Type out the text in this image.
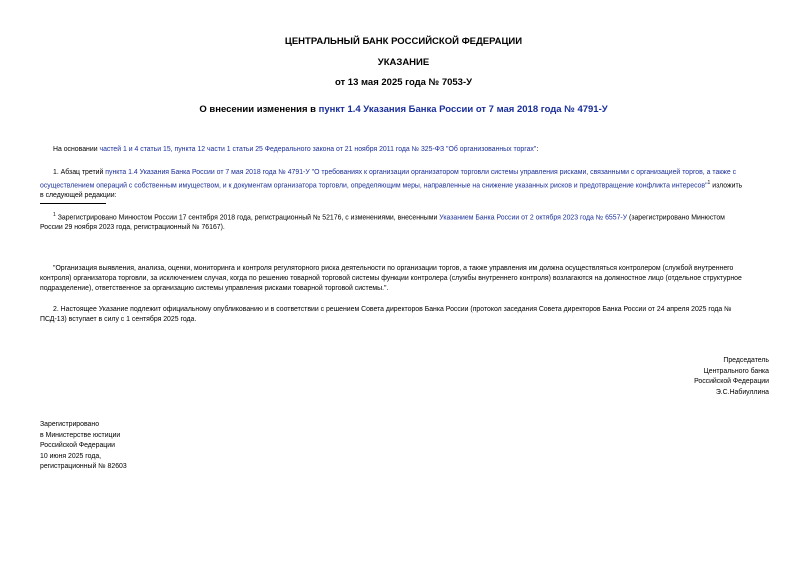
ЦЕНТРАЛЬНЫЙ БАНК РОССИЙСКОЙ ФЕДЕРАЦИИ
УКАЗАНИЕ
от 13 мая 2025 года № 7053-У
О внесении изменения в пункт 1.4 Указания Банка России от 7 мая 2018 года № 4791-У
На основании частей 1 и 4 статьи 15, пункта 12 части 1 статьи 25 Федерального закона от 21 ноября 2011 года № 325-ФЗ "Об организованных торгах":
1. Абзац третий пункта 1.4 Указания Банка России от 7 мая 2018 года № 4791-У "О требованиях к организации организатором торговли системы управления рисками, связанными с организацией торгов, а также с
осуществлением операций с собственным имуществом, и к документам организатора торговли, определяющим меры, направленные на снижение указанных рисков и предотвращение конфликта интересов"$^1$ изложить
в следующей редакции:
$^1$ Зарегистрировано Минюстом России 17 сентября 2018 года, регистрационный № 52176, с изменениями, внесенными Указанием Банка России от 2 октября 2023 года № 6557-У (зарегистрировано Минюстом
России 29 ноября 2023 года, регистрационный № 76167).
"Организация выявления, анализа, оценки, мониторинга и контроля регуляторного риска деятельности по организации торгов, а также управления им должна осуществляться контролером (службой внутреннего
контроля) организатора торговли, за исключением случая, когда по решению товарной торговой системы функции контролера (службы внутреннего контроля) возлагаются на должностное лицо (отдельное структурное
подразделение), ответственное за организацию системы управления рисками товарной торговой системы.".
2. Настоящее Указание подлежит официальному опубликованию и в соответствии с решением Совета директоров Банка России (протокол заседания Совета директоров Банка России от 24 апреля 2025 года №
ПСД-13) вступает в силу с 1 сентября 2025 года.
Председатель
Центрального банка
Российской Федерации
Э.С.Набиуллина
Зарегистрировано
в Министерстве юстиции
Российской Федерации
10 июня 2025 года,
регистрационный № 82603
